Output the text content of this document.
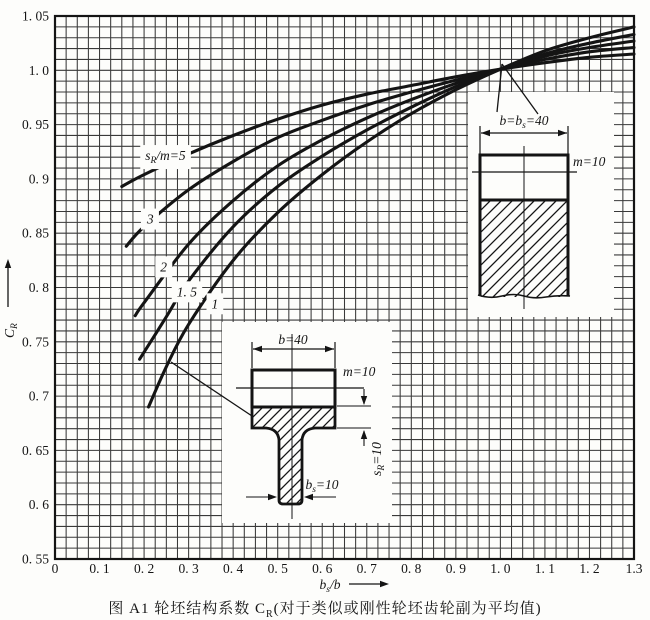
1. 05
1. 0
0. 95
0. 9
0. 85
0. 8
0. 75
0. 7
0. 65
0. 6
0. 55
0 0. 1 0. 2 0. 3 0. 4 0. 5 0. 6 0. 7 0. 8 0. 9 1. 0 1. 1 1. 2 1.3
$C_R$
$b_s/b$
$s_R/m=5$
3
2
1. 5
1
$b=b_s=40$
m=10
b=40
m=10
$s_R=10$
$b_s=10$
图 A1 轮坯结构系数 $C_R$(对于类似或刚性轮坯齿轮副为平均值)
